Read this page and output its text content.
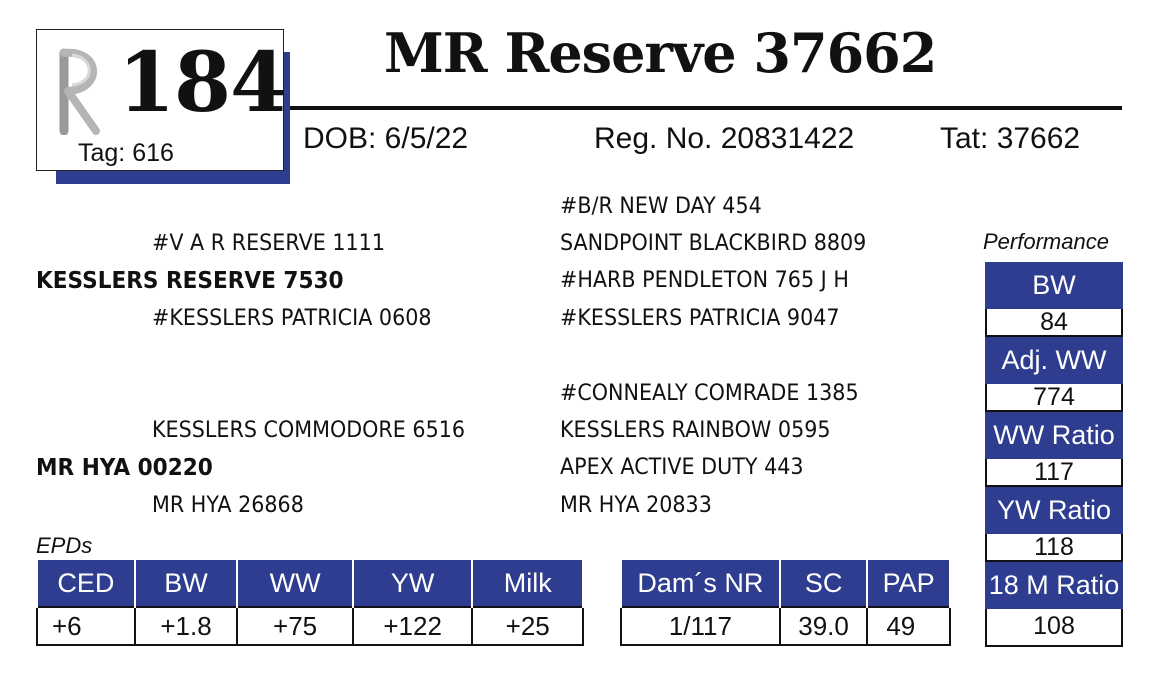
184
Tag: 616
MR Reserve 37662
DOB: 6/5/22	Reg. No. 20831422	Tat: 37662
#B/R NEW DAY 454
#V A R RESERVE 1111	SANDPOINT BLACKBIRD 8809
KESSLERS RESERVE 7530	#HARB PENDLETON 765 J H
#KESSLERS PATRICIA 0608	#KESSLERS PATRICIA 9047
#CONNEALY COMRADE 1385
KESSLERS COMMODORE 6516	KESSLERS RAINBOW 0595
MR HYA 00220	APEX ACTIVE DUTY 443
MR HYA 26868	MR HYA 20833
EPDs
CED	BW	WW	YW	Milk
+6	+1.8	+75	+122	+25
Dam´s NR	SC	PAP
1/117	39.0	49
Performance
BW
84
Adj. WW
774
WW Ratio
117
YW Ratio
118
18 M Ratio
108
